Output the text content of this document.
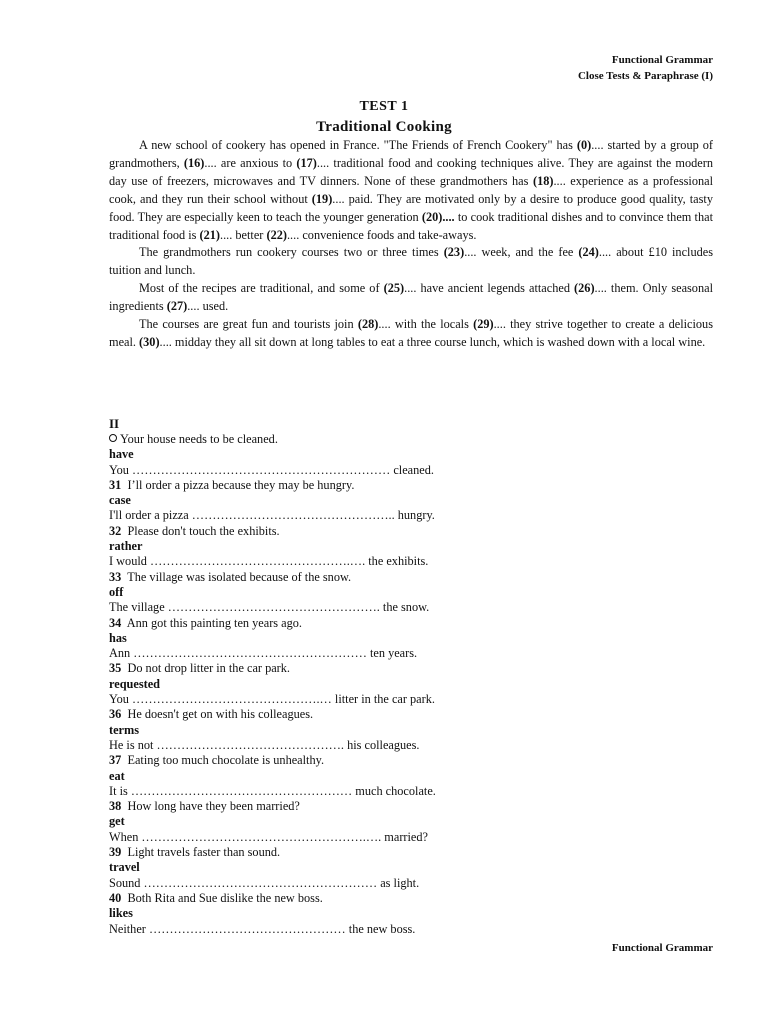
Functional Grammar
Close Tests & Paraphrase (I)
TEST 1
Traditional Cooking

A new school of cookery has opened in France. "The Friends of French Cookery" has (0).... started by a group of grandmothers, (16).... are anxious to (17).... traditional food and cooking techniques alive. They are against the modern day use of freezers, microwaves and TV dinners. None of these grandmothers has (18).... experience as a professional cook, and they run their school without (19).... paid. They are motivated only by a desire to produce good quality, tasty food. They are especially keen to teach the younger generation (20).... to cook traditional dishes and to convince them that traditional food is (21).... better (22).... convenience foods and take-aways.

The grandmothers run cookery courses two or three times (23).... week, and the fee (24).... about £10 includes tuition and lunch.

Most of the recipes are traditional, and some of (25).... have ancient legends attached (26).... them. Only seasonal ingredients (27).... used.

The courses are great fun and tourists join (28).... with the locals (29).... they strive together to create a delicious meal. (30).... midday they all sit down at long tables to eat a three course lunch, which is washed down with a local wine.

II
Your house needs to be cleaned.
have
You ……………………………………………………… cleaned.
31 I’ll order a pizza because they may be hungry.
case
I'll order a pizza ………………………………………….. hungry.
32 Please don't touch the exhibits.
rather
I would ………………………………………….…. the exhibits.
33 The village was isolated because of the snow.
off
The village ……………………………………………. the snow.
34 Ann got this painting ten years ago.
has
Ann ………………………………………………… ten years.
35 Do not drop litter in the car park.
requested
You ……………………………………….… litter in the car park.
36 He doesn't get on with his colleagues.
terms
He is not ………………………………………. his colleagues.
37 Eating too much chocolate is unhealthy.
eat
It is ……………………………………………… much chocolate.
38 How long have they been married?
get
When ……………………………………………….…. married?
39 Light travels faster than sound.
travel
Sound ………………………………………………… as light.
40 Both Rita and Sue dislike the new boss.
likes
Neither ………………………………………… the new boss.
Functional Grammar
